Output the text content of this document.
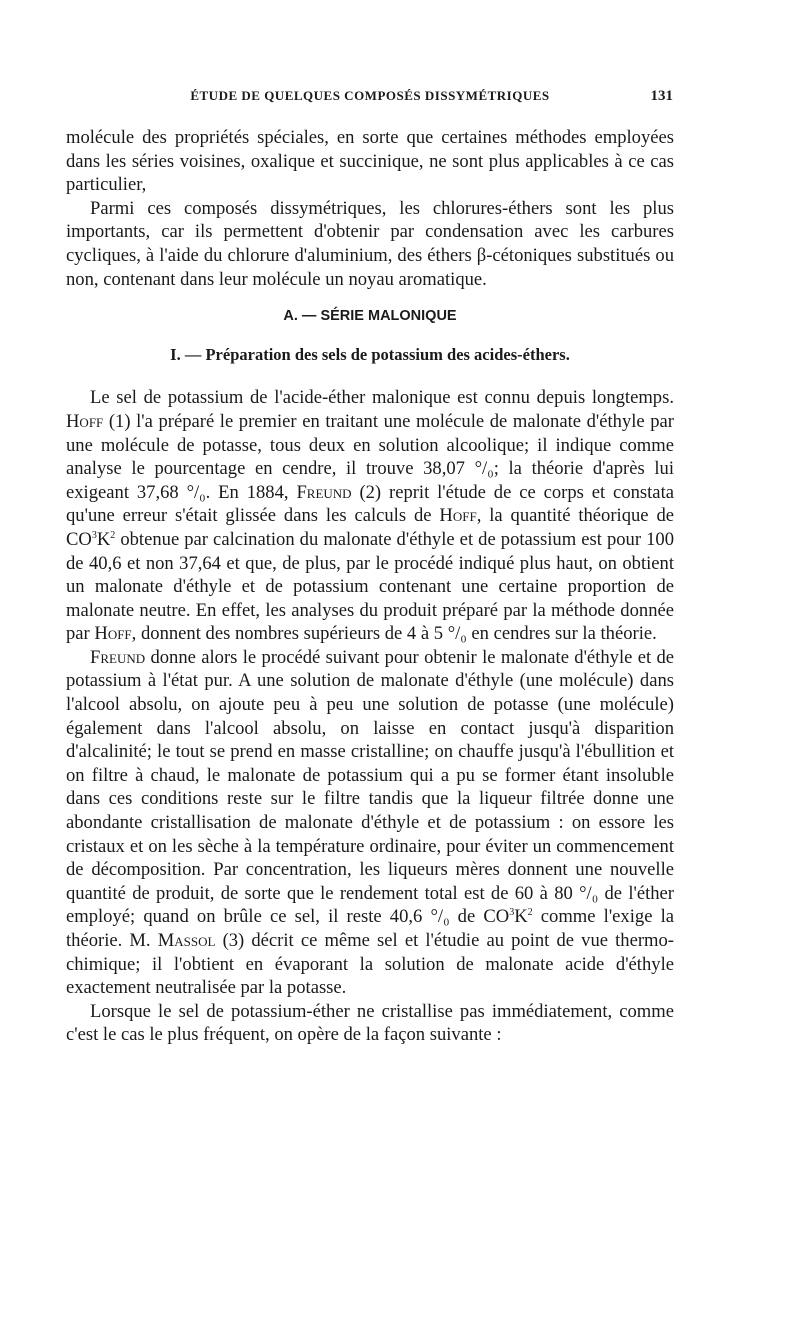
ÉTUDE DE QUELQUES COMPOSÉS DISSYMÉTRIQUES	131

molécule des propriétés spéciales, en sorte que certaines méthodes employées dans les séries voisines, oxalique et succinique, ne sont plus applicables à ce cas particulier,

Parmi ces composés dissymétriques, les chlorures-éthers sont les plus importants, car ils permettent d'obtenir par condensation avec les carbures cycliques, à l'aide du chlorure d'aluminium, des éthers β-cétoniques substitués ou non, contenant dans leur molécule un noyau aromatique.

A. — SÉRIE MALONIQUE
I. — Préparation des sels de potassium des acides-éthers.

Le sel de potassium de l'acide-éther malonique est connu depuis longtemps. Hoff (1) l'a préparé le premier en traitant une molécule de malonate d'éthyle par une molécule de potasse, tous deux en solution alcoolique; il indique comme analyse le pourcentage en cendre, il trouve 38,07 °/₀; la théorie d'après lui exigeant 37,68 °/₀. En 1884, Freund (2) reprit l'étude de ce corps et constata qu'une erreur s'était glissée dans les calculs de Hoff, la quantité théorique de $CO^3K^2$ obtenue par calcination du malonate d'éthyle et de potassium est pour 100 de 40,6 et non 37,64 et que, de plus, par le procédé indiqué plus haut, on obtient un malonate d'éthyle et de potassium contenant une certaine proportion de malonate neutre. En effet, les analyses du produit préparé par la méthode donnée par Hoff, donnent des nombres supérieurs de 4 à 5 °/₀ en cendres sur la théorie.

Freund donne alors le procédé suivant pour obtenir le malonate d'éthyle et de potassium à l'état pur. A une solution de malonate d'éthyle (une molécule) dans l'alcool absolu, on ajoute peu à peu une solution de potasse (une molécule) également dans l'alcool absolu, on laisse en contact jusqu'à disparition d'alcalinité; le tout se prend en masse cristalline; on chauffe jusqu'à l'ébullition et on filtre à chaud, le malonate de potassium qui a pu se former étant insoluble dans ces conditions reste sur le filtre tandis que la liqueur filtrée donne une abondante cristallisation de malonate d'éthyle et de potassium : on essore les cristaux et on les sèche à la température ordinaire, pour éviter un commencement de décomposition. Par concentration, les liqueurs mères donnent une nouvelle quantité de produit, de sorte que le rendement total est de 60 à 80 °/₀ de l'éther employé; quand on brûle ce sel, il reste 40,6 °/₀ de $CO^3K^2$ comme l'exige la théorie. M. Massol (3) décrit ce même sel et l'étudie au point de vue thermo-chimique; il l'obtient en évaporant la solution de malonate acide d'éthyle exactement neutralisée par la potasse.

Lorsque le sel de potassium-éther ne cristallise pas immédiatement, comme c'est le cas le plus fréquent, on opère de la façon suivante :
